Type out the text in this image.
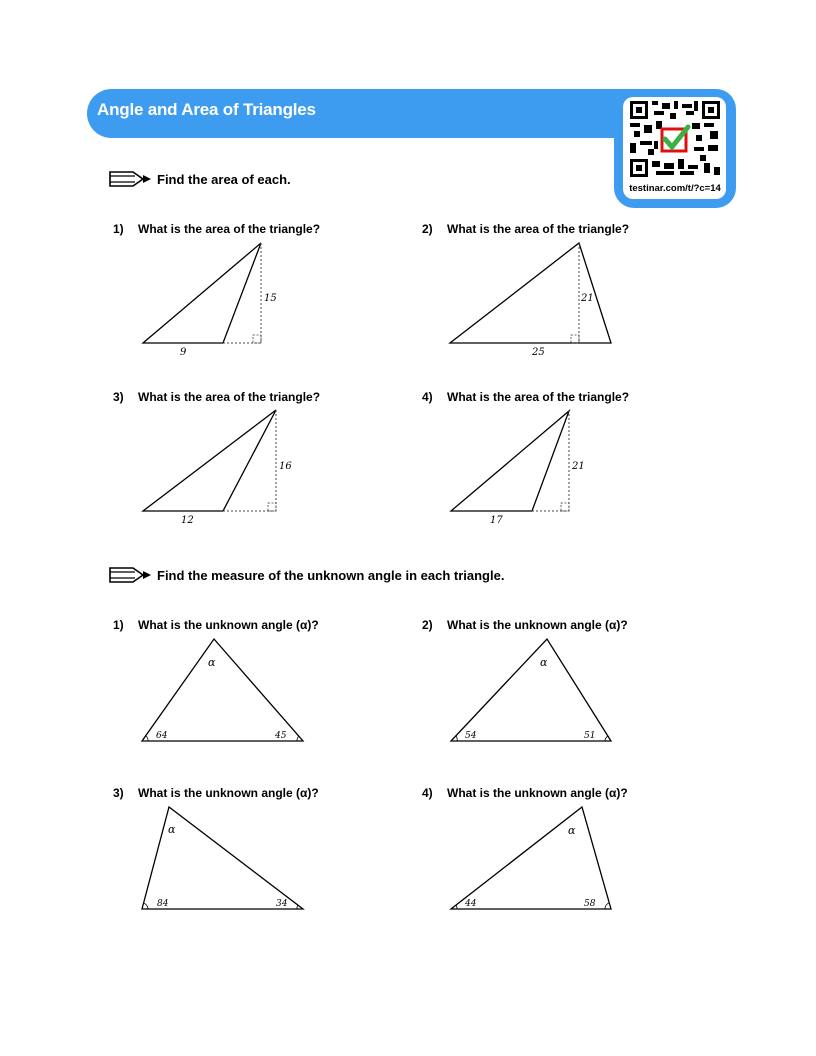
Angle and Area of Triangles
testinar.com/t/?c=14
Find the area of each.
1) What is the area of the triangle?
15
9
2) What is the area of the triangle?
21
25
3) What is the area of the triangle?
16
12
4) What is the area of the triangle?
21
17
Find the measure of the unknown angle in each triangle.
1) What is the unknown angle (α)?
α
64	45
2) What is the unknown angle (α)?
α
54	51
3) What is the unknown angle (α)?
α
84	34
4) What is the unknown angle (α)?
α
44	58
